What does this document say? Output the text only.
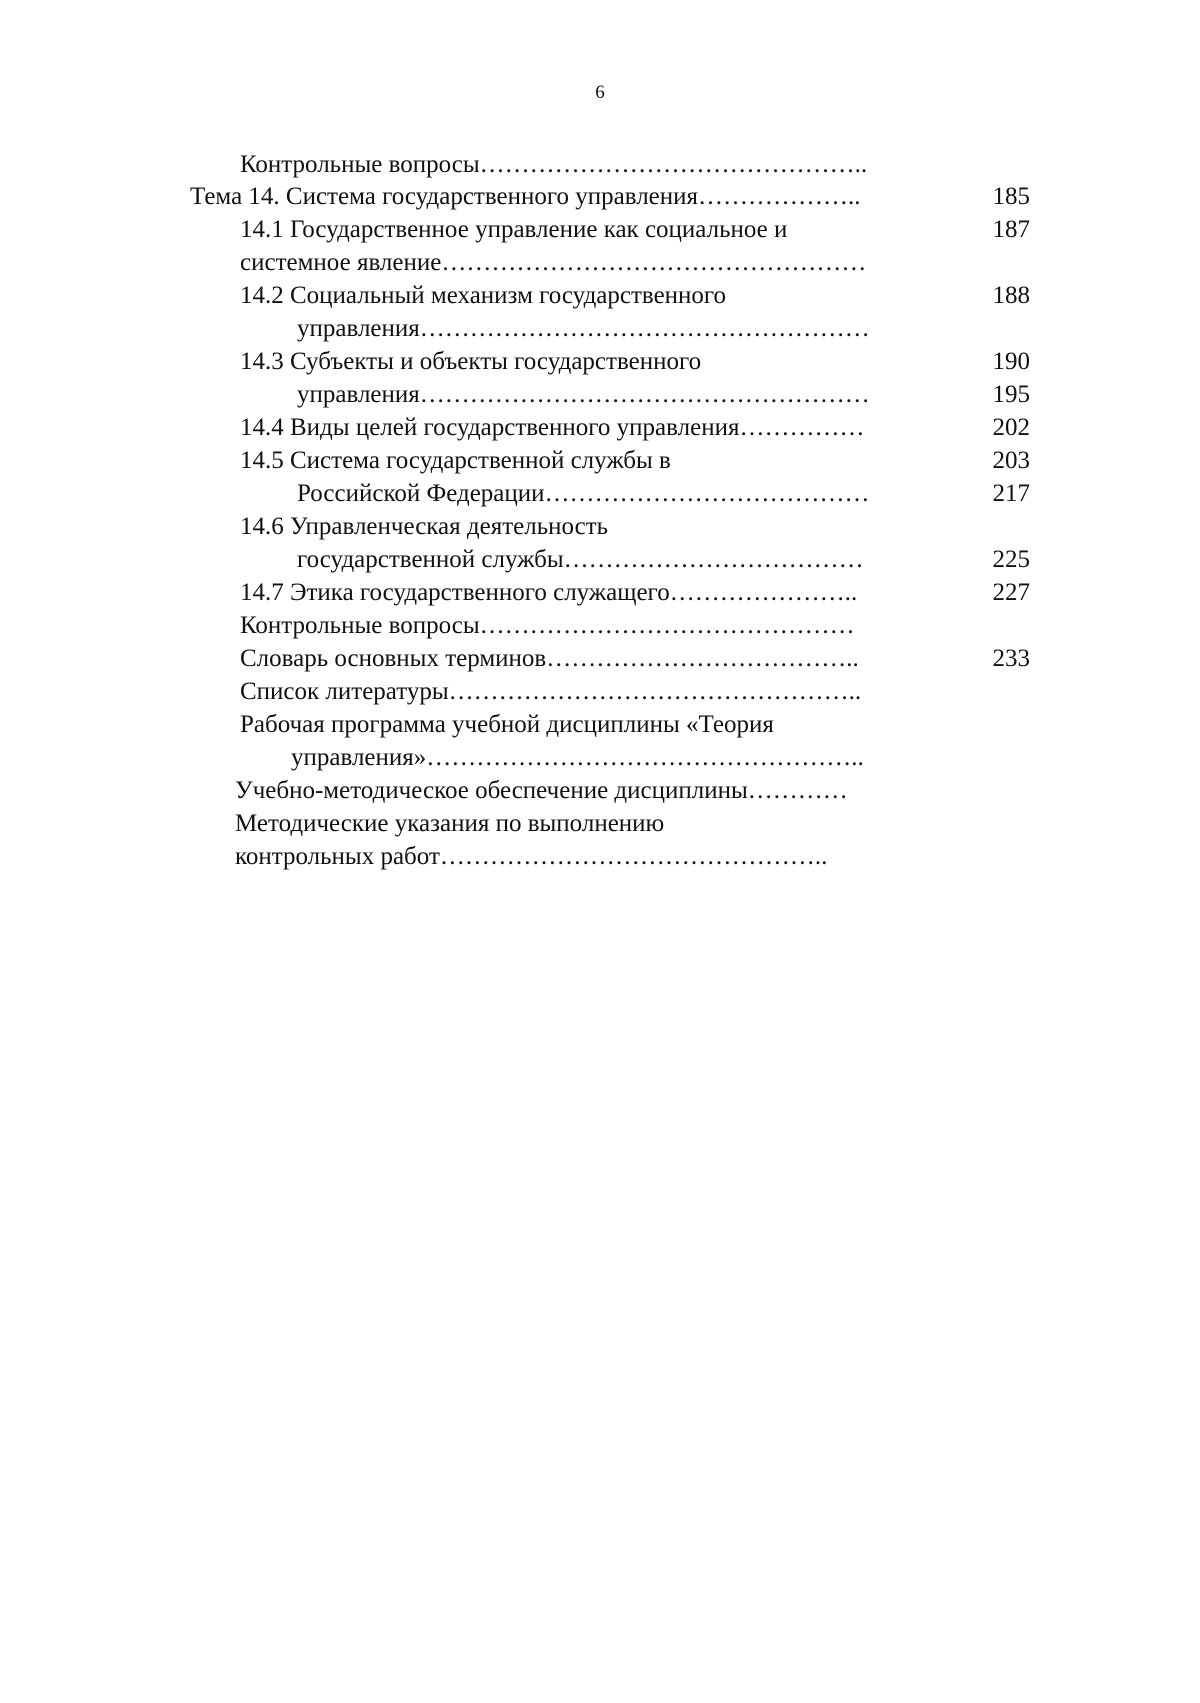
6
Контрольные вопросы………………………………………..
Тема 14. Система государственного управления………………..
14.1 Государственное управление как социальное и
системное явление……………………………………………
14.2 Социальный механизм государственного
управления………………………………………………
14.3 Субъекты и объекты государственного
управления………………………………………………
14.4 Виды целей государственного управления……………
14.5 Система государственной службы в
Российской Федерации…………………………………
14.6 Управленческая деятельность
государственной службы………………………………
14.7 Этика государственного служащего…………………..
Контрольные вопросы………………………………………
Словарь основных терминов………………………………..
Список литературы…………………………………………..
Рабочая программа учебной дисциплины «Теория
управления»……………………………………………..
Учебно-методическое обеспечение дисциплины…………
Методические указания по выполнению
контрольных работ………………………………………..
185
187
188
190
195
202
203
217
225
227
233
